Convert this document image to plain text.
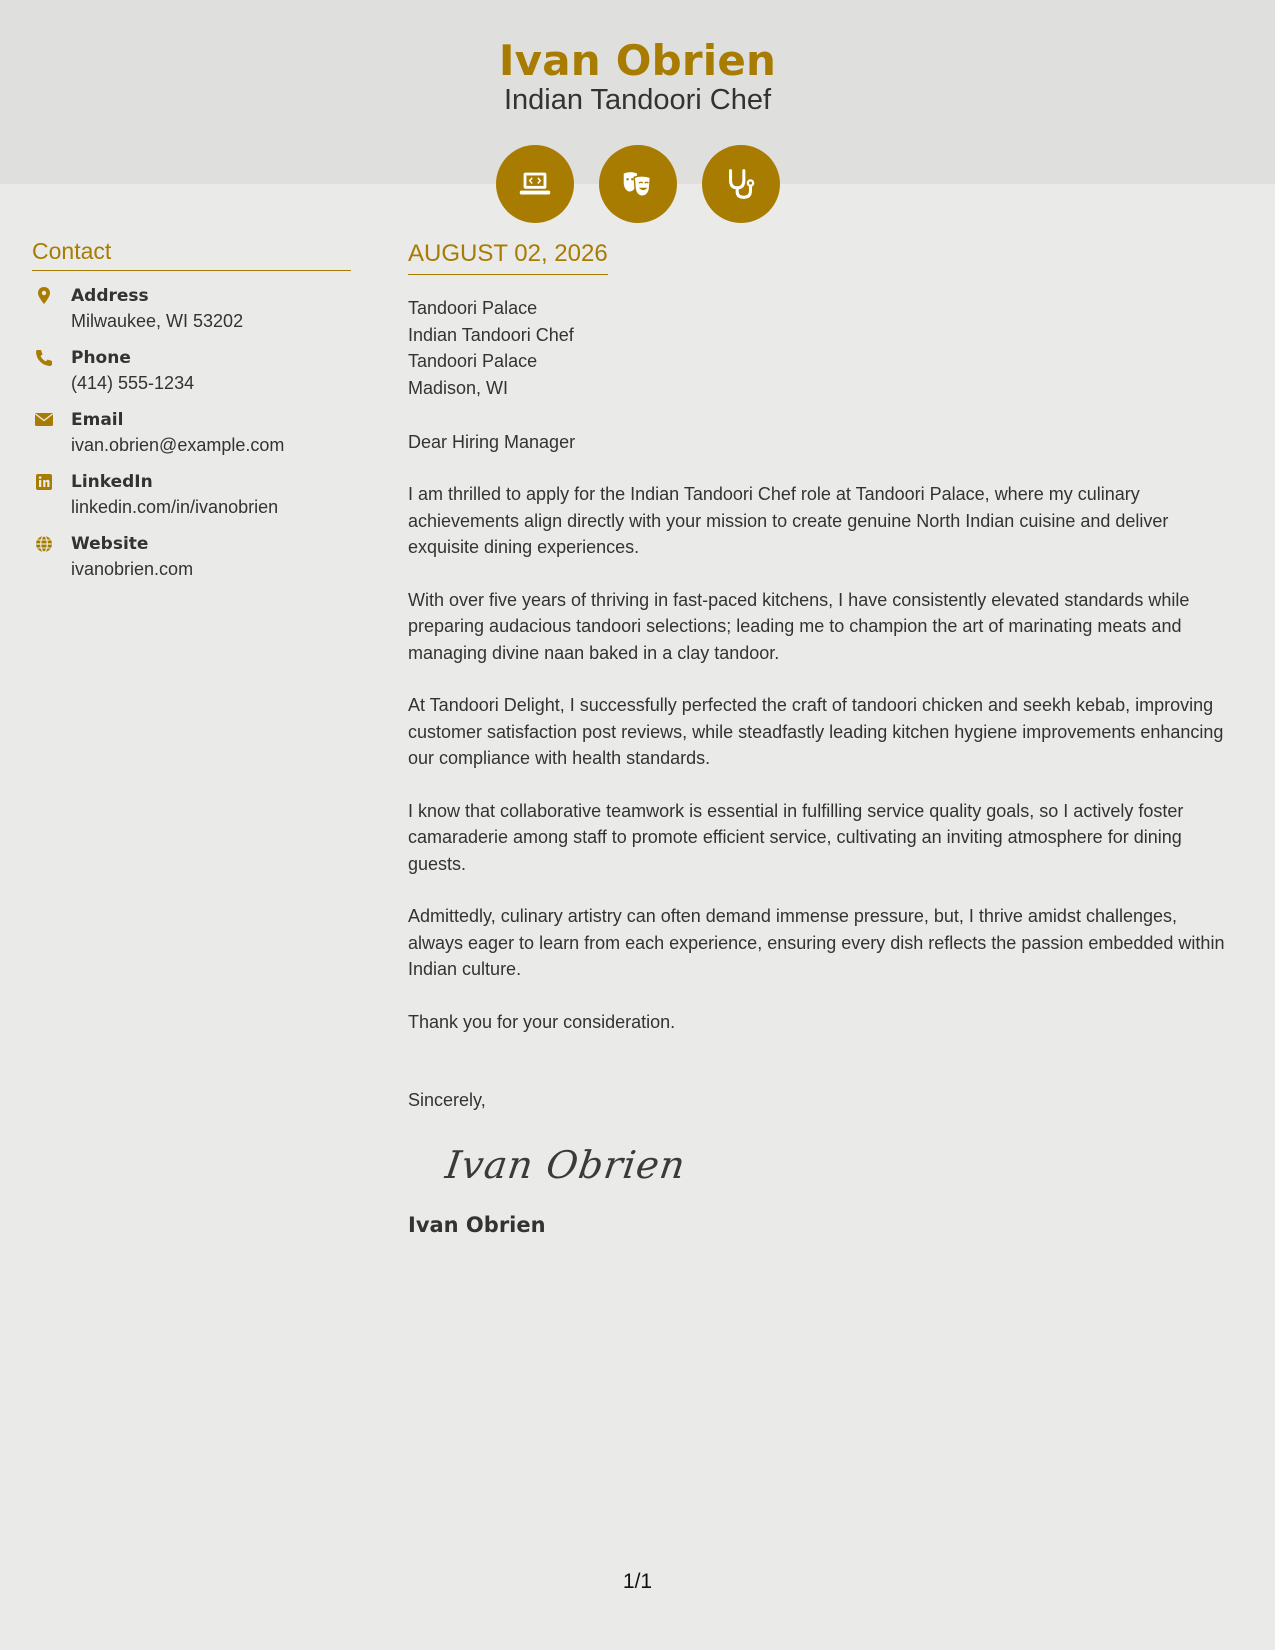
Ivan Obrien
Indian Tandoori Chef
Contact
Address
Milwaukee, WI 53202
Phone
(414) 555-1234
Email
ivan.obrien@example.com
LinkedIn
linkedin.com/in/ivanobrien
Website
ivanobrien.com
AUGUST 02, 2026
Tandoori Palace
Indian Tandoori Chef
Tandoori Palace
Madison, WI
Dear Hiring Manager
I am thrilled to apply for the Indian Tandoori Chef role at Tandoori Palace, where my culinary achievements align directly with your mission to create genuine North Indian cuisine and deliver exquisite dining experiences.
With over five years of thriving in fast-paced kitchens, I have consistently elevated standards while preparing audacious tandoori selections; leading me to champion the art of marinating meats and managing divine naan baked in a clay tandoor.
At Tandoori Delight, I successfully perfected the craft of tandoori chicken and seekh kebab, improving customer satisfaction post reviews, while steadfastly leading kitchen hygiene improvements enhancing our compliance with health standards.
I know that collaborative teamwork is essential in fulfilling service quality goals, so I actively foster camaraderie among staff to promote efficient service, cultivating an inviting atmosphere for dining guests.
Admittedly, culinary artistry can often demand immense pressure, but, I thrive amidst challenges, always eager to learn from each experience, ensuring every dish reflects the passion embedded within Indian culture.
Thank you for your consideration.
Sincerely,
Ivan Obrien
Ivan Obrien
1/1
